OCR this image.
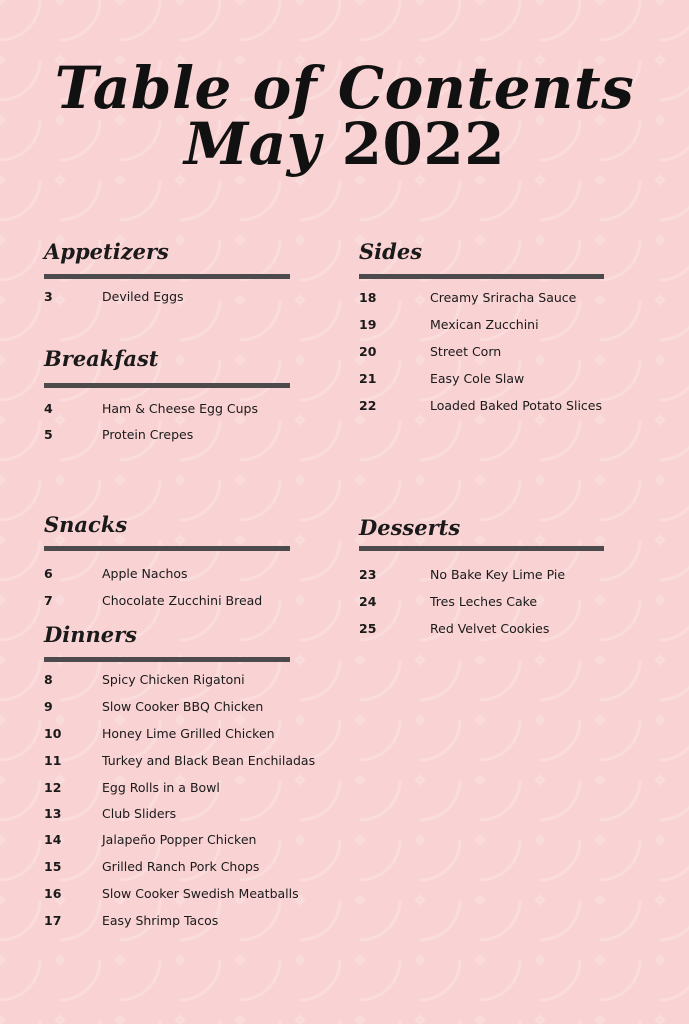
Table of Contents
May 2022
Appetizers
3	Deviled Eggs
Breakfast
4	Ham & Cheese Egg Cups
5	Protein Crepes
Snacks
6	Apple Nachos
7	Chocolate Zucchini Bread
Dinners
8	Spicy Chicken Rigatoni
9	Slow Cooker BBQ Chicken
10	Honey Lime Grilled Chicken
11	Turkey and Black Bean Enchiladas
12	Egg Rolls in a Bowl
13	Club Sliders
14	Jalapeño Popper Chicken
15	Grilled Ranch Pork Chops
16	Slow Cooker Swedish Meatballs
17	Easy Shrimp Tacos
Sides
18	Creamy Sriracha Sauce
19	Mexican Zucchini
20	Street Corn
21	Easy Cole Slaw
22	Loaded Baked Potato Slices
Desserts
23	No Bake Key Lime Pie
24	Tres Leches Cake
25	Red Velvet Cookies
